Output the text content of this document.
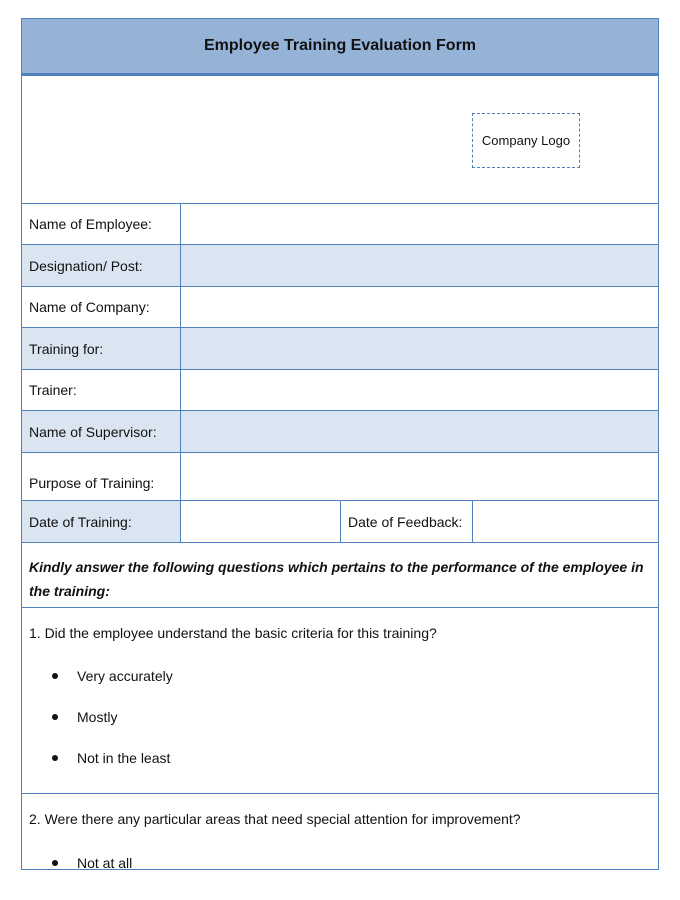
Employee Training Evaluation Form
Company Logo
Name of Employee:
Designation/ Post:
Name of Company:
Training for:
Trainer:
Name of Supervisor:
Purpose of Training:
Date of Training:	Date of Feedback:
Kindly answer the following questions which pertains to the performance of the employee in the training:
1. Did the employee understand the basic criteria for this training?
Very accurately
Mostly
Not in the least
2. Were there any particular areas that need special attention for improvement?
Not at all
